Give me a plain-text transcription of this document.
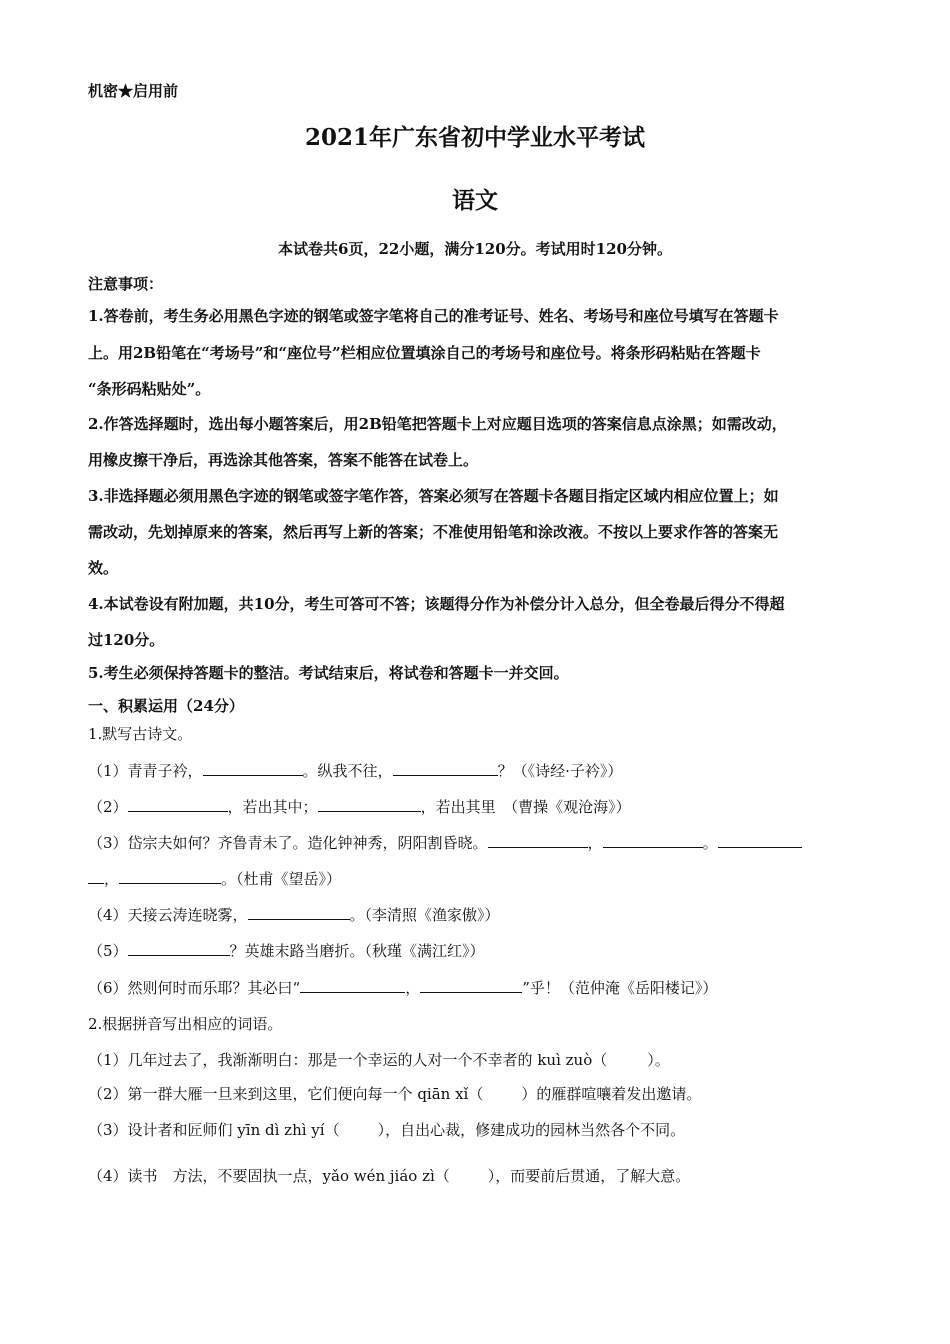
机密★启用前
2021年广东省初中学业水平考试
语文
本试卷共6页，22小题，满分120分。考试用时120分钟。
注意事项：
1.答卷前，考生务必用黑色字迹的钢笔或签字笔将自己的准考证号、姓名、考场号和座位号填写在答题卡
上。用2B铅笔在“考场号”和“座位号”栏相应位置填涂自己的考场号和座位号。将条形码粘贴在答题卡
“条形码粘贴处”。
2.作答选择题时，选出每小题答案后，用2B铅笔把答题卡上对应题目选项的答案信息点涂黑；如需改动，
用橡皮擦干净后，再选涂其他答案，答案不能答在试卷上。
3.非选择题必须用黑色字迹的钢笔或签字笔作答，答案必须写在答题卡各题目指定区域内相应位置上；如
需改动，先划掉原来的答案，然后再写上新的答案；不准使用铅笔和涂改液。不按以上要求作答的答案无
效。
4.本试卷设有附加题，共10分，考生可答可不答；该题得分作为补偿分计入总分，但全卷最后得分不得超
过120分。
5.考生必须保持答题卡的整洁。考试结束后，将试卷和答题卡一并交回。
一、积累运用（24分）
1.默写古诗文。
（1）青青子衿，	。纵我不往，	？（《诗经·子衿》）
（2）	，若出其中；	，若出其里　（曹操《观沧海》）
（3）岱宗夫如何？齐鲁青未了。造化钟神秀，阴阳割昏晓。	，	。
，	。（杜甫《望岳》）
（4）天接云涛连晓雾，	。（李清照《渔家傲》）
（5）	？英雄末路当磨折。（秋瑾《满江红》）
（6）然则何时而乐耶？其必曰“	，	”乎！（范仲淹《岳阳楼记》）
2.根据拼音写出相应的词语。
（1）几年过去了，我渐渐明白：那是一个幸运的人对一个不幸者的 kuì zuò（	）。
（2）第一群大雁一旦来到这里，它们便向每一个 qiān xǐ（	）的雁群喧嚷着发出邀请。
（3）设计者和匠师们 yīn dì zhì yí（	），自出心裁，修建成功的园林当然各个不同。
（4）读书　方法，不要固执一点，yǎo wén jiáo zì（	），而要前后贯通，了解大意。
